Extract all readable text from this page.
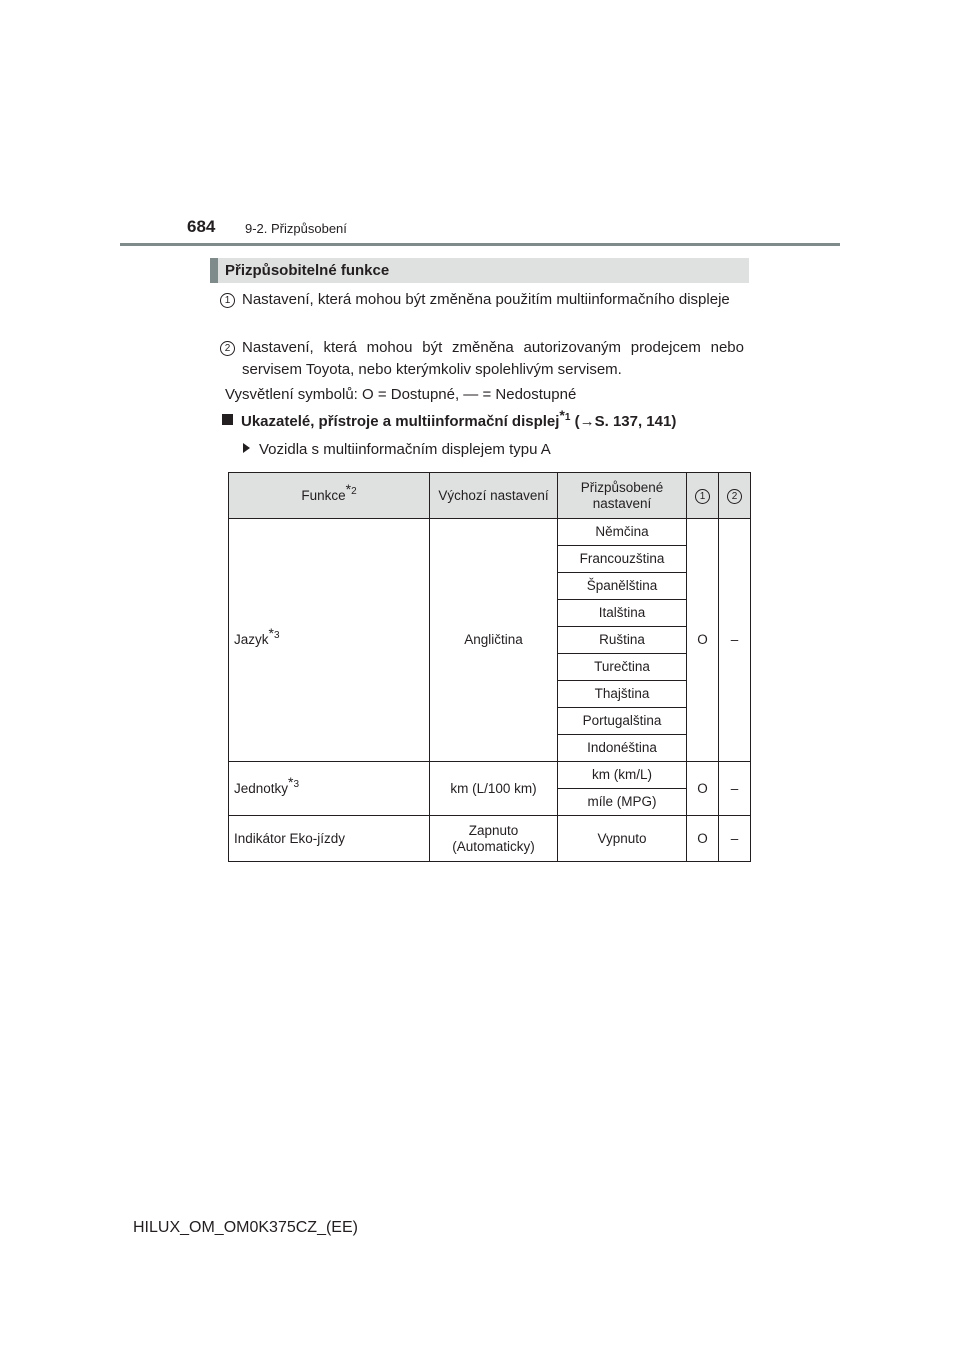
684 9-2. Přizpůsobení
Přizpůsobitelné funkce
1 Nastavení, která mohou být změněna použitím multiinformačního displeje
2 Nastavení, která mohou být změněna autorizovaným prodejcem nebo servisem Toyota, nebo kterýmkoliv spolehlivým servisem.
Vysvětlení symbolů: O = Dostupné, — = Nedostupné
Ukazatelé, přístroje a multiinformační displej$^{*1}$ (→S. 137, 141)
Vozidla s multiinformačním displejem typu A
Funkce$^{*2}$	Výchozí nastavení	Přizpůsobené nastavení	1	2
Jazyk$^{*3}$	Angličtina	Němčina	O	–
		Francouzština		
		Španělština		
		Italština		
		Ruština		
		Turečtina		
		Thajština		
		Portugalština		
		Indonéština		
Jednotky$^{*3}$	km (L/100 km)	km (km/L)	O	–
		míle (MPG)		
Indikátor Eko-jízdy	Zapnuto (Automaticky)	Vypnuto	O	–
HILUX_OM_OM0K375CZ_(EE)
